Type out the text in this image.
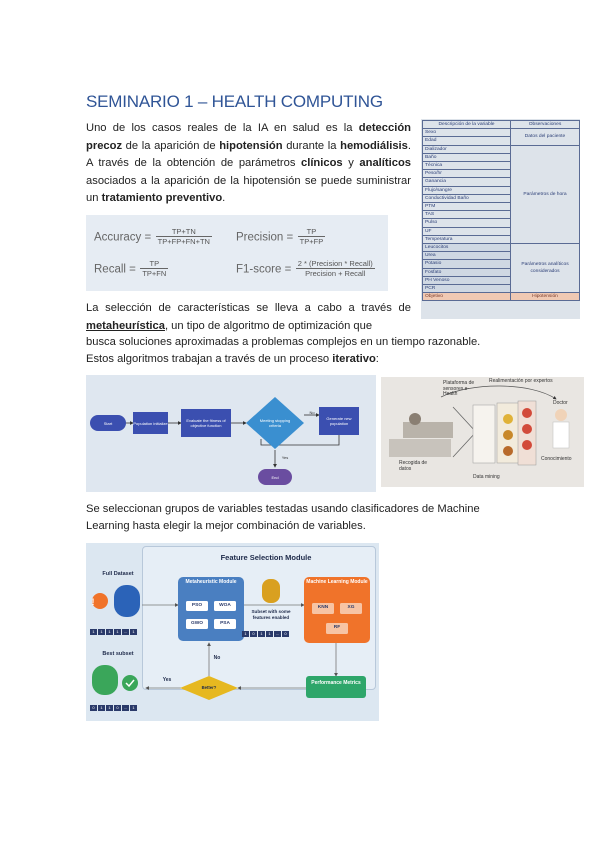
SEMINARIO 1 – HEALTH COMPUTING

Uno de los casos reales de la IA en salud es la detección precoz de la aparición de hipotensión durante la hemodiálisis. A través de la obtención de parámetros clínicos y analíticos asociados a la aparición de la hipotensión se puede suministrar un tratamiento preventivo.

Accuracy = $\frac{TP+TN}{TP+FP+FN+TN}$ Precision = $\frac{TP}{TP+FP}$
Recall = $\frac{TP}{TP+FN}$	F1-score = $\frac{\text{2 * (Precision * Recall)}}{\text{Precision + Recall}}$
Descripción de la variable	Observaciones
Sexo	Datos del paciente
Edad	
Dializador	Parámetros de hora
Baño	
Técnica	
Peso/hr	
Ganancia	
Flujo/sangre	
Conductividad Baño	
PTM	
TAS	
Pulso	
UF	
Temperatura	
Leucocitos	Parámetros analíticos considerados
Urea	
Potasio	
Fosfato	
PH Venoso	
PCR	
Objetivo	Hipotensión

La selección de características se lleva a cabo a través de metaheurística, un tipo de algoritmo de optimización que

busca soluciones aproximadas a problemas complejos en un tiempo razonable.

Estos algoritmos trabajan a través de un proceso iterativo:

Start	Population initialize	Evaluate the fitness of objective function
Meeting stopping criteria
No
Generate new population
Yes
End
Plataforma de sensores e-Health
Realimentación por expertos
Doctor
Recogida de datos
Data mining
Conocimiento

Se seleccionan grupos de variables testadas usando clasificadores de Machine

Learning hasta elegir la mejor combinación de variables.

Feature Selection Module
!
Full Dataset
1	1	1	1	...	1
Best subset
0	1	1	0	...	1
Metaheuristic Module
PSO	WOA
GWO	PSA
Subset with some features enabled
1	0	1	1	...	0
Machine Learning Module
KNN	XG
RF
Performance Metrics
Better?
Yes
No
